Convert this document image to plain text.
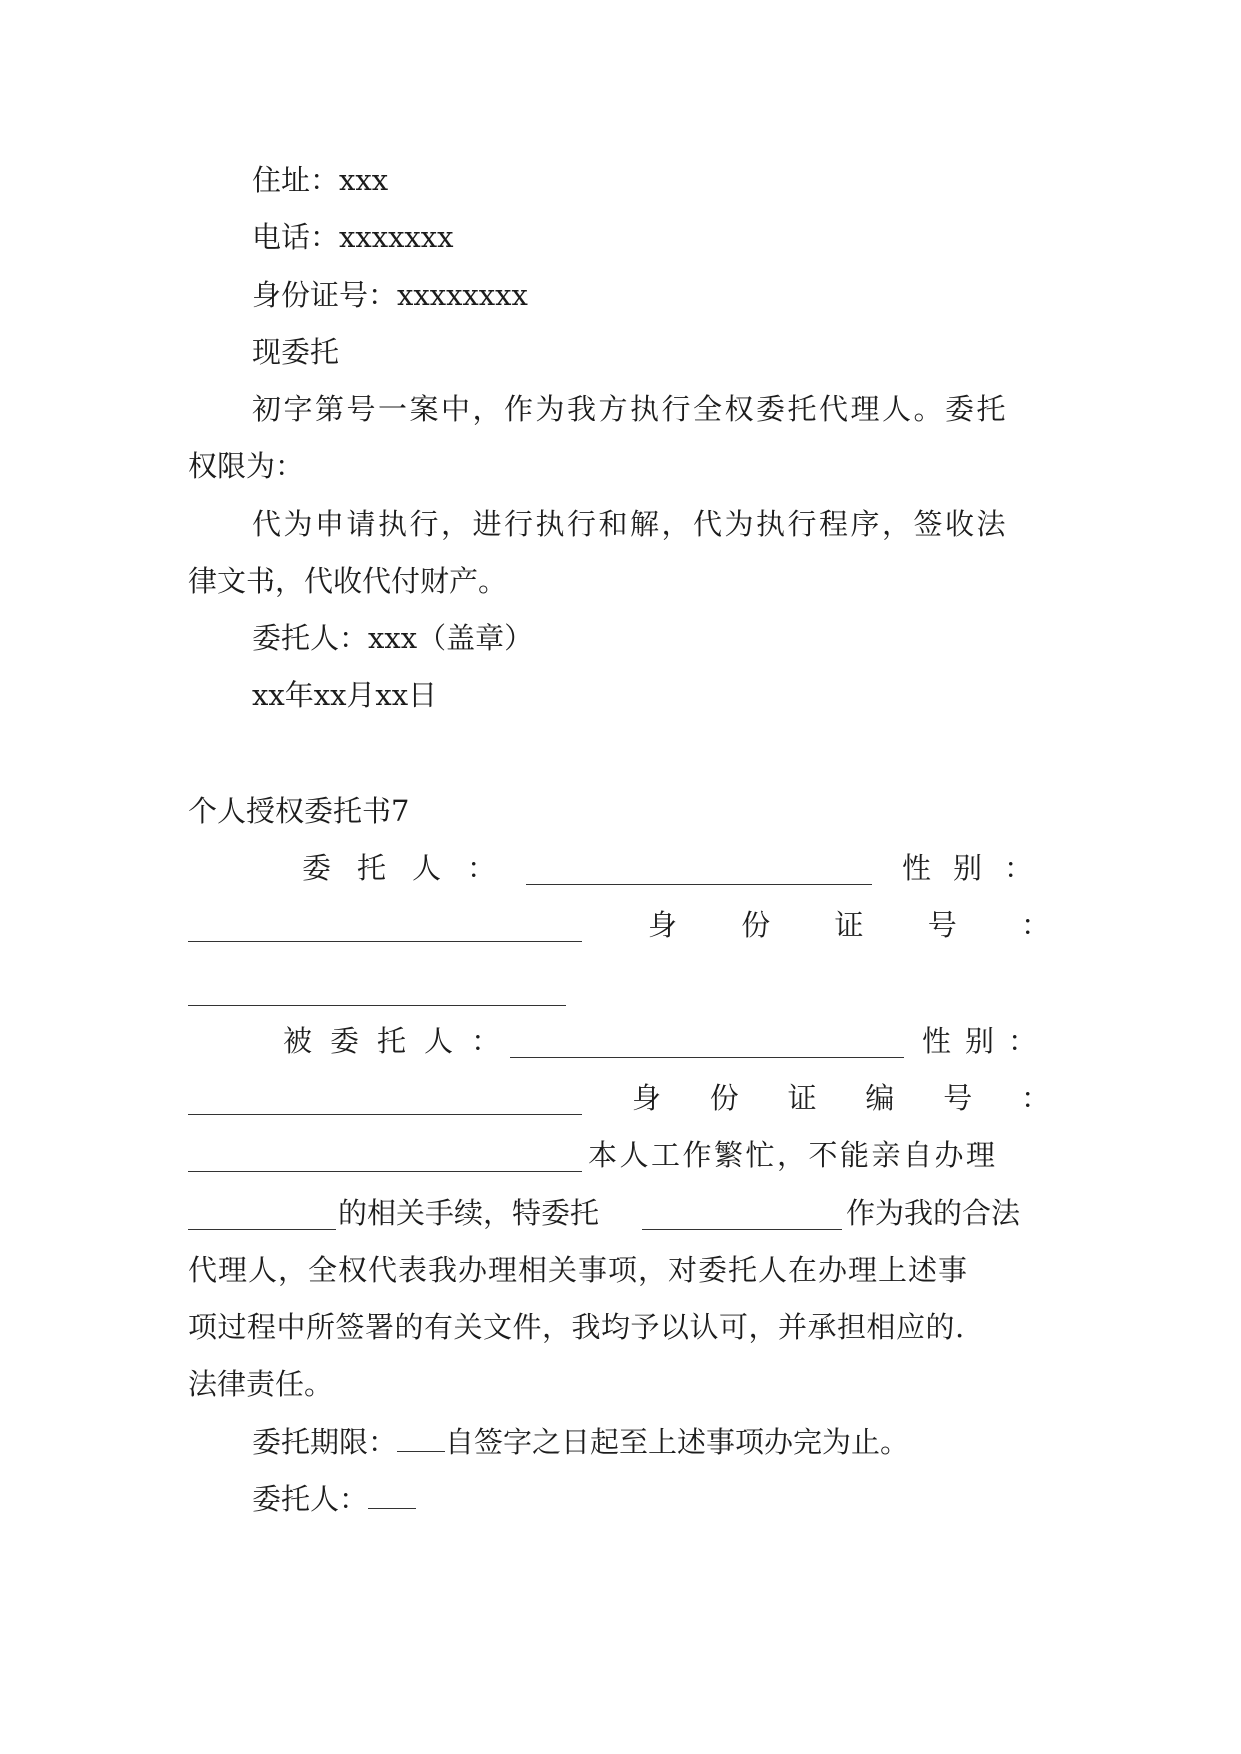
住址：xxx
电话：xxxxxxx
身份证号：xxxxxxxx
现委托
初字第号一案中，作为我方执行全权委托代理人。委托
权限为：
代为申请执行，进行执行和解，代为执行程序，签收法
律文书，代收代付财产。
委托人：xxx（盖章）
xx年xx月xx日
个人授权委托书7
委 托 人 ：	性 别 ：
身 份 证 号 ：
被 委 托 人 ：	性 别 ：
身 份 证 编 号 ：
本人工作繁忙，不能亲自办理
的相关手续，特委托	作为我的合法
代理人，全权代表我办理相关事项，对委托人在办理上述事
项过程中所签署的有关文件，我均予以认可，并承担相应的.
法律责任。
委托期限： 自签字之日起至上述事项办完为止。
委托人：
